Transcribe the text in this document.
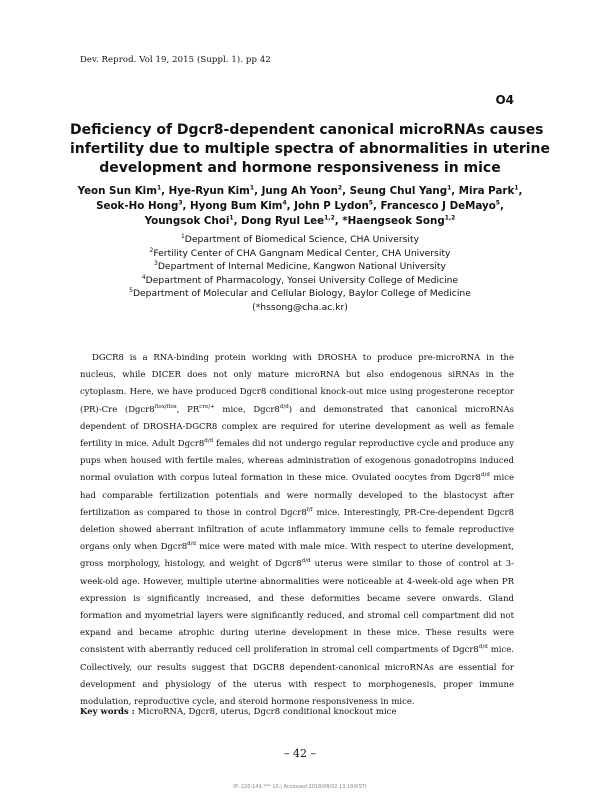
Dev. Reprod. Vol 19, 2015 (Suppl. 1). pp 42
O4
Deficiency of Dgcr8-dependent canonical microRNAs causes
infertility due to multiple spectra of abnormalities in uterine
development and hormone responsiveness in mice
Yeon Sun Kim$^1$, Hye-Ryun Kim$^1$, Jung Ah Yoon$^2$, Seung Chul Yang$^1$, Mira Park$^1$,
Seok-Ho Hong$^3$, Hyong Bum Kim$^4$, John P Lydon$^5$, Francesco J DeMayo$^5$,
Youngsok Choi$^1$, Dong Ryul Lee$^{1,2}$, *Haengseok Song$^{1,2}$
$^1$Department of Biomedical Science, CHA University
$^2$Fertility Center of CHA Gangnam Medical Center, CHA University
$^3$Department of Internal Medicine, Kangwon National University
$^4$Department of Pharmacology, Yonsei University College of Medicine
$^5$Department of Molecular and Cellular Biology, Baylor College of Medicine
(*hssong@cha.ac.kr)

DGCR8 is a RNA-binding protein working with DROSHA to produce pre-microRNA in the nucleus, while DICER does not only mature microRNA but also endogenous siRNAs in the cytoplasm. Here, we have produced Dgcr8 conditional knock-out mice using progesterone receptor (PR)-Cre ($Dgcr8^{flox/flox}$, $PR^{cre/+}$ mice, $Dgcr8^{d/d}$) and demonstrated that canonical microRNAs dependent of DROSHA-DGCR8 complex are required for uterine development as well as female fertility in mice. Adult $Dgcr8^{d/d}$ females did not undergo regular reproductive cycle and produce any pups when housed with fertile males, whereas administration of exogenous gonadotropins induced normal ovulation with corpus luteal formation in these mice. Ovulated oocytes from $Dgcr8^{d/d}$ mice had comparable fertilization potentials and were normally developed to the blastocyst after fertilization as compared to those in control $Dgcr8^{f/f}$ mice. Interestingly, PR-Cre-dependent Dgcr8 deletion showed aberrant infiltration of acute inflammatory immune cells to female reproductive organs only when $Dgcr8^{d/d}$ mice were mated with male mice. With respect to uterine development, gross morphology, histology, and weight of $Dgcr8^{d/d}$ uterus were similar to those of control at 3-week-old age. However, multiple uterine abnormalities were noticeable at 4-week-old age when PR expression is significantly increased, and these deformities became severe onwards. Gland formation and myometrial layers were significantly reduced, and stromal cell compartment did not expand and became atrophic during uterine development in these mice. These results were consistent with aberrantly reduced cell proliferation in stromal cell compartments of $Dgcr8^{d/d}$ mice. Collectively, our results suggest that DGCR8 dependent-canonical microRNAs are essential for development and physiology of the uterus with respect to morphogenesis, proper immune modulation, reproductive cycle, and steroid hormone responsiveness in mice.

Key words : MicroRNA, Dgcr8, uterus, Dgcr8 conditional knockout mice
– 42 –
IP: 220.149.*** 10.| Accessed 2018/08/02 13:18(KST)
